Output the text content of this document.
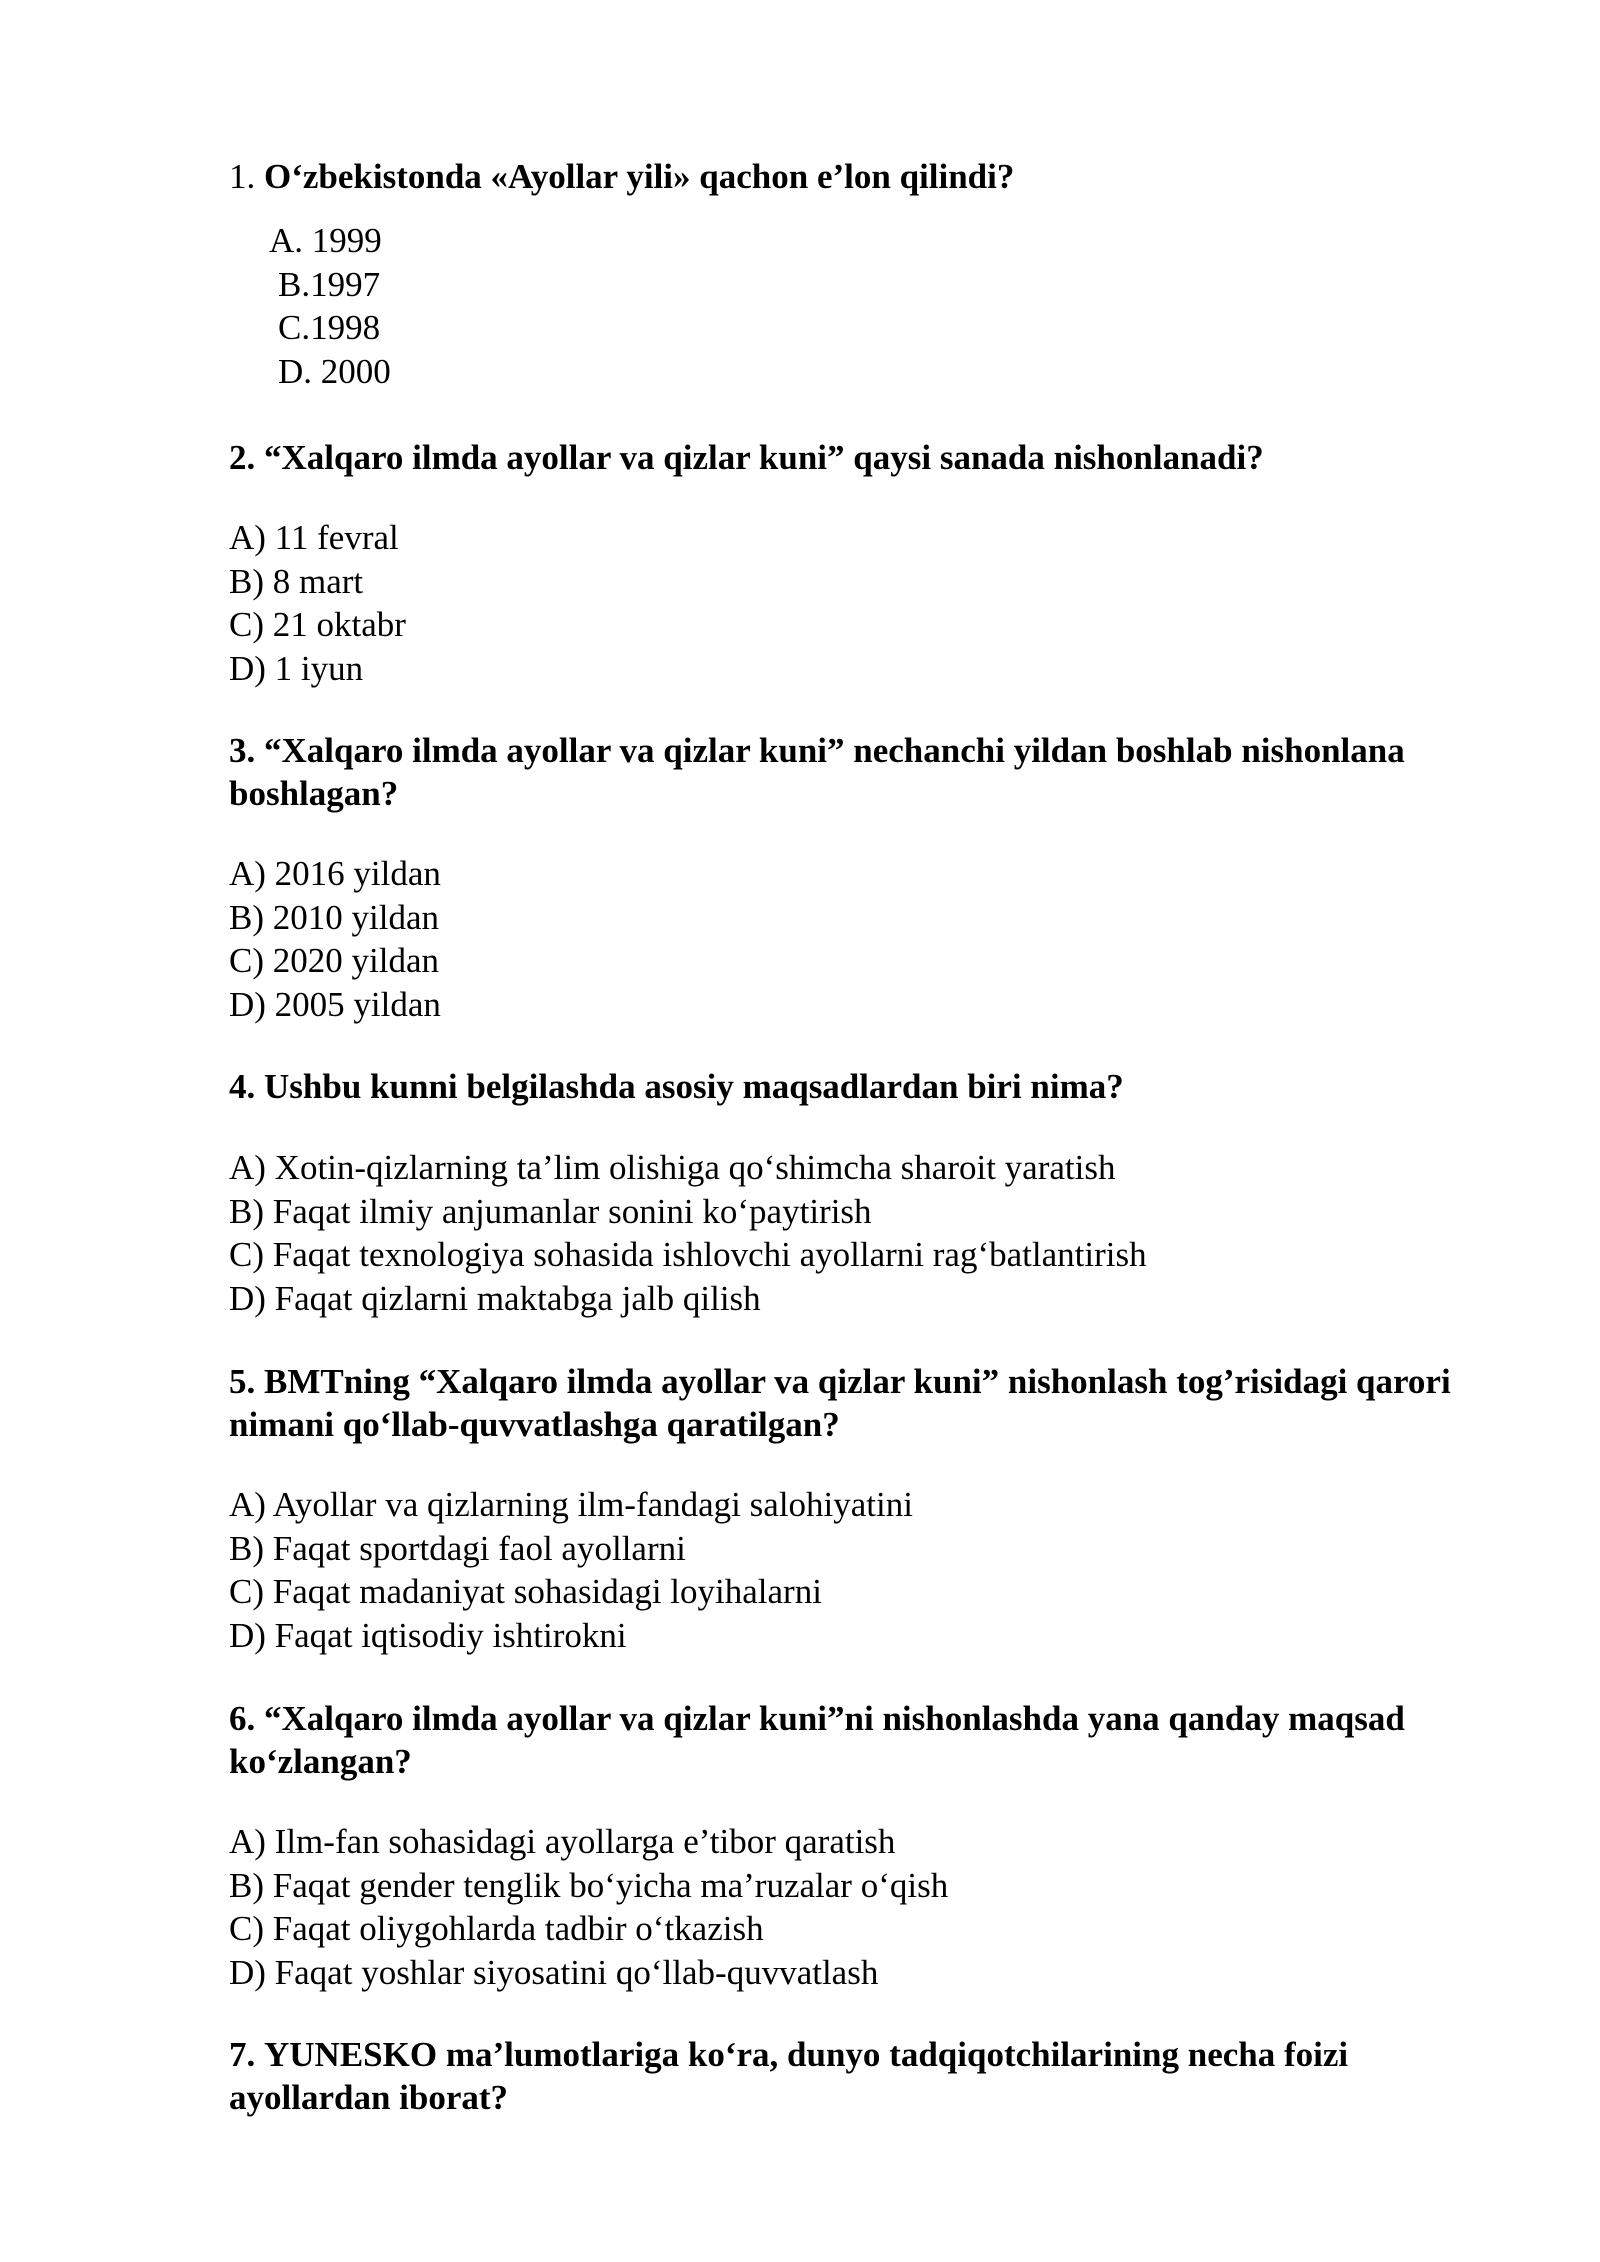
1. O‘zbekistonda «Ayollar yili» qachon e’lon qilindi?
A. 1999
B.1997
C.1998
D. 2000
2. “Xalqaro ilmda ayollar va qizlar kuni” qaysi sanada nishonlanadi?
A) 11 fevral
B) 8 mart
C) 21 oktabr
D) 1 iyun
3. “Xalqaro ilmda ayollar va qizlar kuni” nechanchi yildan boshlab nishonlana boshlagan?
A) 2016 yildan
B) 2010 yildan
C) 2020 yildan
D) 2005 yildan
4. Ushbu kunni belgilashda asosiy maqsadlardan biri nima?
A) Xotin-qizlarning ta’lim olishiga qo‘shimcha sharoit yaratish
B) Faqat ilmiy anjumanlar sonini ko‘paytirish
C) Faqat texnologiya sohasida ishlovchi ayollarni rag‘batlantirish
D) Faqat qizlarni maktabga jalb qilish
5. BMTning “Xalqaro ilmda ayollar va qizlar kuni” nishonlash tog’risidagi qarori nimani qo‘llab-quvvatlashga qaratilgan?
A) Ayollar va qizlarning ilm-fandagi salohiyatini
B) Faqat sportdagi faol ayollarni
C) Faqat madaniyat sohasidagi loyihalarni
D) Faqat iqtisodiy ishtirokni
6. “Xalqaro ilmda ayollar va qizlar kuni”ni nishonlashda yana qanday maqsad ko‘zlangan?
A) Ilm-fan sohasidagi ayollarga e’tibor qaratish
B) Faqat gender tenglik bo‘yicha ma’ruzalar o‘qish
C) Faqat oliygohlarda tadbir o‘tkazish
D) Faqat yoshlar siyosatini qo‘llab-quvvatlash
7. YUNESKO ma’lumotlariga ko‘ra, dunyo tadqiqotchilarining necha foizi ayollardan iborat?
